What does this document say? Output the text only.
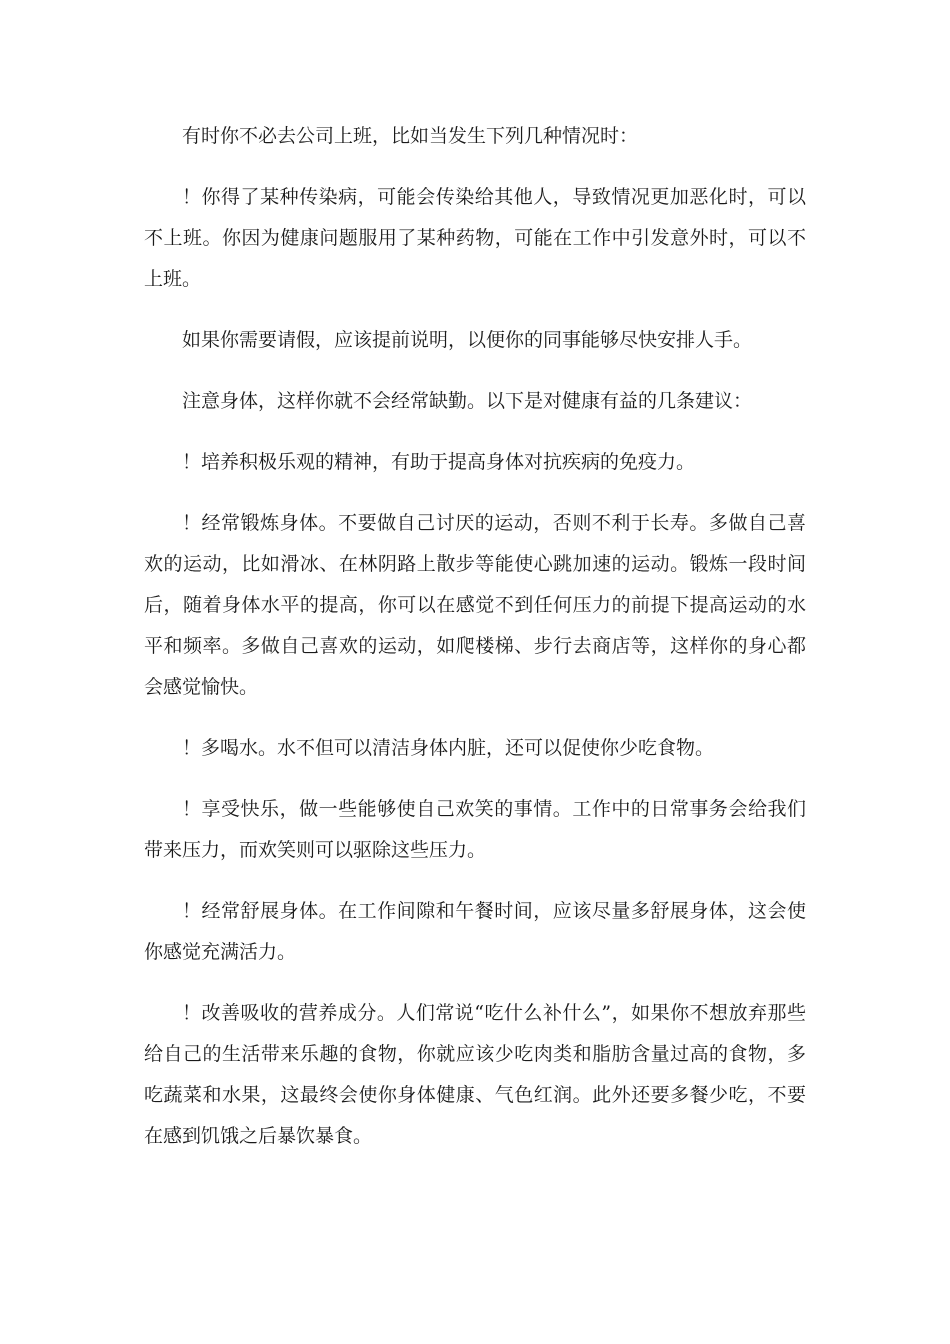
有时你不必去公司上班，比如当发生下列几种情况时：

！你得了某种传染病，可能会传染给其他人，导致情况更加恶化时，可以不上班。你因为健康问题服用了某种药物，可能在工作中引发意外时，可以不上班。

如果你需要请假，应该提前说明，以便你的同事能够尽快安排人手。

注意身体，这样你就不会经常缺勤。以下是对健康有益的几条建议：

！培养积极乐观的精神，有助于提高身体对抗疾病的免疫力。

！经常锻炼身体。不要做自己讨厌的运动，否则不利于长寿。多做自己喜欢的运动，比如滑冰、在林阴路上散步等能使心跳加速的运动。锻炼一段时间后，随着身体水平的提高，你可以在感觉不到任何压力的前提下提高运动的水平和频率。多做自己喜欢的运动，如爬楼梯、步行去商店等，这样你的身心都会感觉愉快。

！多喝水。水不但可以清洁身体内脏，还可以促使你少吃食物。

！享受快乐，做一些能够使自己欢笑的事情。工作中的日常事务会给我们带来压力，而欢笑则可以驱除这些压力。

！经常舒展身体。在工作间隙和午餐时间，应该尽量多舒展身体，这会使你感觉充满活力。

！改善吸收的营养成分。人们常说“吃什么补什么”，如果你不想放弃那些给自己的生活带来乐趣的食物，你就应该少吃肉类和脂肪含量过高的食物，多吃蔬菜和水果，这最终会使你身体健康、气色红润。此外还要多餐少吃，不要在感到饥饿之后暴饮暴食。
